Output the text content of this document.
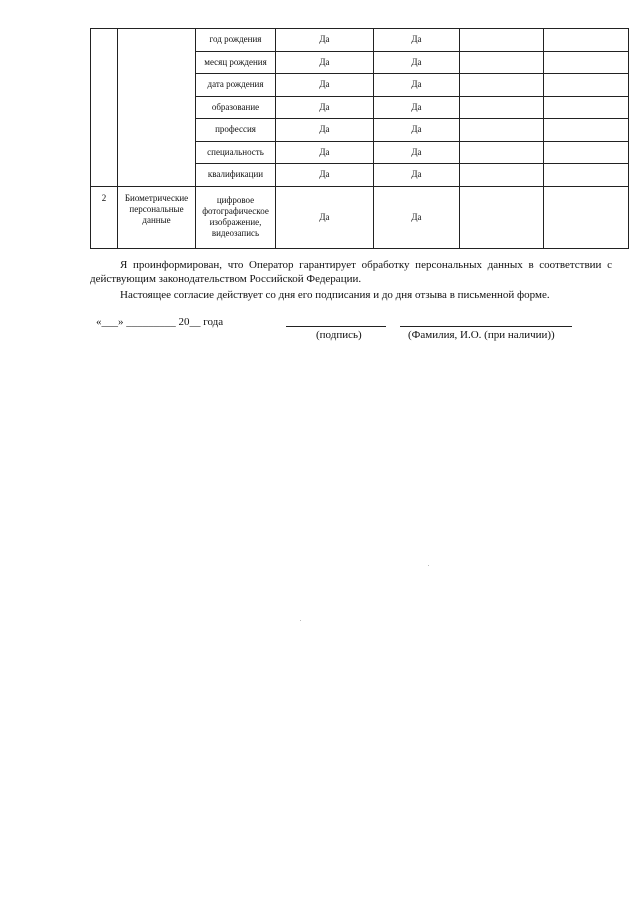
		год рождения	Да	Да		
		месяц рождения	Да	Да		
		дата рождения	Да	Да		
		образование	Да	Да		
		профессия	Да	Да		
		специальность	Да	Да		
		квалификации	Да	Да		
2	Биометрические персональные данные	цифровое фотографическое изображение, видеозапись	Да	Да		
Я проинформирован, что Оператор гарантирует обработку персональных данных в соответствии с действующим законодательством Российской Федерации.
Настоящее согласие действует со дня его подписания и до дня отзыва в письменной форме.
«___» _________ 20__ года
(подпись)	(Фамилия, И.О. (при наличии))
